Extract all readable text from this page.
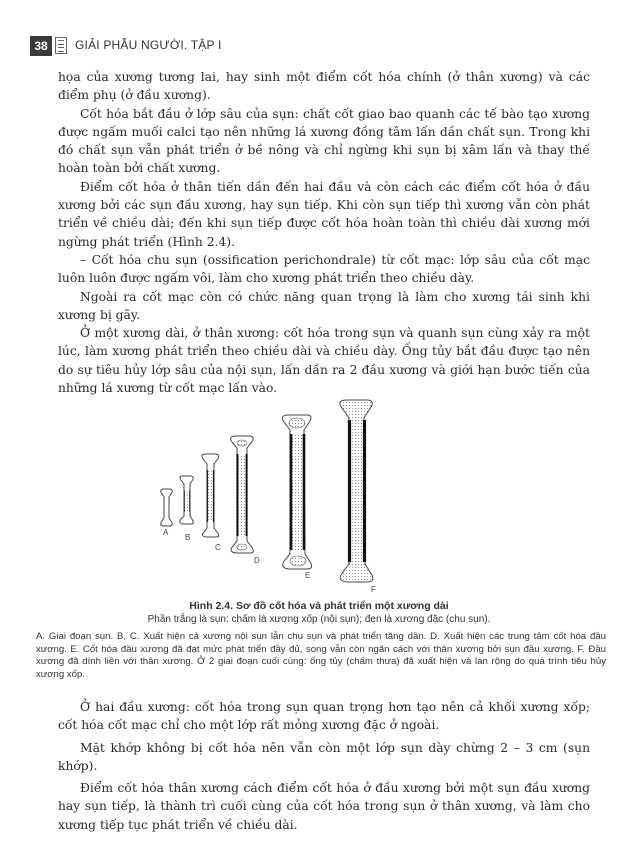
38	GIẢI PHẪU NGƯỜI. TẬP I

họa của xương tương lai, hay sinh một điểm cốt hóa chính (ở thân xương) và các điểm phụ (ở đầu xương).

Cốt hóa bắt đầu ở lớp sâu của sụn: chất cốt giao bao quanh các tế bào tạo xương được ngấm muối calci tạo nên những lá xương đồng tâm lấn dần chất sụn. Trong khi đó chất sụn vẫn phát triển ở bề nông và chỉ ngừng khi sụn bị xâm lấn và thay thế hoàn toàn bởi chất xương.

Điểm cốt hóa ở thân tiến dần đến hai đầu và còn cách các điểm cốt hóa ở đầu xương bởi các sụn đầu xương, hay sụn tiếp. Khi còn sụn tiếp thì xương vẫn còn phát triển về chiều dài; đến khi sụn tiếp được cốt hóa hoàn toàn thì chiều dài xương mới ngừng phát triển (Hình 2.4).

– Cốt hóa chu sụn (ossification perichondrale) từ cốt mạc: lớp sâu của cốt mạc luôn luôn được ngấm vôi, làm cho xương phát triển theo chiều dày.

Ngoài ra cốt mạc còn có chức năng quan trọng là làm cho xương tái sinh khi xương bị gãy.

Ở một xương dài, ở thân xương: cốt hóa trong sụn và quanh sụn cùng xảy ra một lúc, làm xương phát triển theo chiều dài và chiều dày. Ống tủy bắt đầu được tạo nên do sự tiêu hủy lớp sâu của nội sụn, lấn dần ra 2 đầu xương và giới hạn bước tiến của những lá xương từ cốt mạc lấn vào.

A
B
C
D
E
F
Hình 2.4. Sơ đồ cốt hóa và phát triển một xương dài
Phần trắng là sụn: chấm là xương xốp (nội sụn); đen là xương đặc (chu sụn).
A. Giai đoạn sụn. B, C. Xuất hiện cả xương nội sụn lẫn chu sụn và phát triển tăng dần. D. Xuất hiện các trung tâm cốt hóa đầu xương. E. Cốt hóa đầu xương đã đạt mức phát triển đầy đủ, song vẫn còn ngăn cách với thân xương bởi sụn đầu xương. F. Đầu xương đã dính liền với thân xương. Ở 2 giai đoạn cuối cùng: ống tủy (chấm thưa) đã xuất hiện và lan rộng do quá trình tiêu hủy xương xốp.

Ở hai đầu xương: cốt hóa trong sụn quan trọng hơn tạo nên cả khối xương xốp; cốt hóa cốt mạc chỉ cho một lớp rất mỏng xương đặc ở ngoài.

Mặt khớp không bị cốt hóa nên vẫn còn một lớp sụn dày chừng 2 – 3 cm (sụn khớp).

Điểm cốt hóa thân xương cách điểm cốt hóa ở đầu xương bởi một sụn đầu xương hay sụn tiếp, là thành trì cuối cùng của cốt hóa trong sụn ở thân xương, và làm cho xương tiếp tục phát triển về chiều dài.
